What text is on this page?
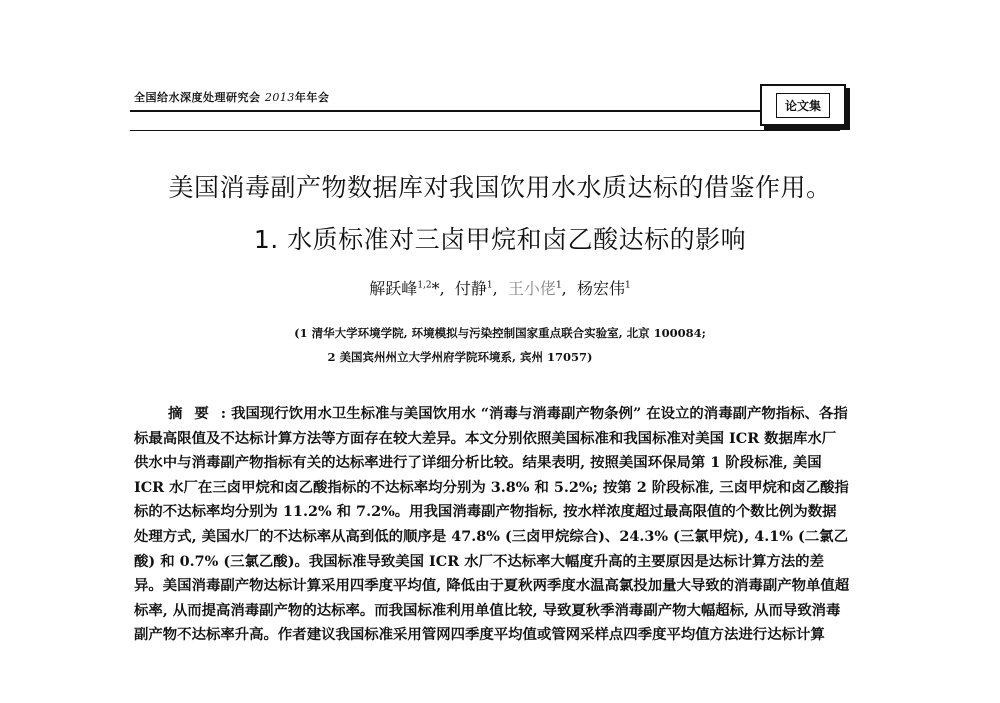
全国给水深度处理研究会 2013年年会
论文集
美国消毒副产物数据库对我国饮用水水质达标的借鉴作用。
1. 水质标准对三卤甲烷和卤乙酸达标的影响
解跃峰$^{1,2}$*,  付静$^1$,  王小佬$^1$,  杨宏伟$^1$
(1 清华大学环境学院, 环境模拟与污染控制国家重点联合实验室, 北京 100084;
2 美国宾州州立大学州府学院环境系, 宾州 17057)

摘要: 我国现行饮用水卫生标准与美国饮用水 “消毒与消毒副产物条例” 在设立的消毒副产物指标、各指标最高限值及不达标计算方法等方面存在较大差异。本文分别依照美国标准和我国标准对美国 ICR 数据库水厂供水中与消毒副产物指标有关的达标率进行了详细分析比较。结果表明, 按照美国环保局第 1 阶段标准, 美国 ICR 水厂在三卤甲烷和卤乙酸指标的不达标率均分别为 3.8% 和 5.2%; 按第 2 阶段标准, 三卤甲烷和卤乙酸指标的不达标率均分别为 11.2% 和 7.2%。用我国消毒副产物指标, 按水样浓度超过最高限值的个数比例为数据处理方式, 美国水厂的不达标率从高到低的顺序是 47.8% (三卤甲烷综合)、24.3% (三氯甲烷), 4.1% (二氯乙酸) 和 0.7% (三氯乙酸)。我国标准导致美国 ICR 水厂不达标率大幅度升高的主要原因是达标计算方法的差异。美国消毒副产物达标计算采用四季度平均值, 降低由于夏秋两季度水温高氯投加量大导致的消毒副产物单值超标率, 从而提高消毒副产物的达标率。而我国标准利用单值比较, 导致夏秋季消毒副产物大幅超标, 从而导致消毒副产物不达标率升高。作者建议我国标准采用管网四季度平均值或管网采样点四季度平均值方法进行达标计算
